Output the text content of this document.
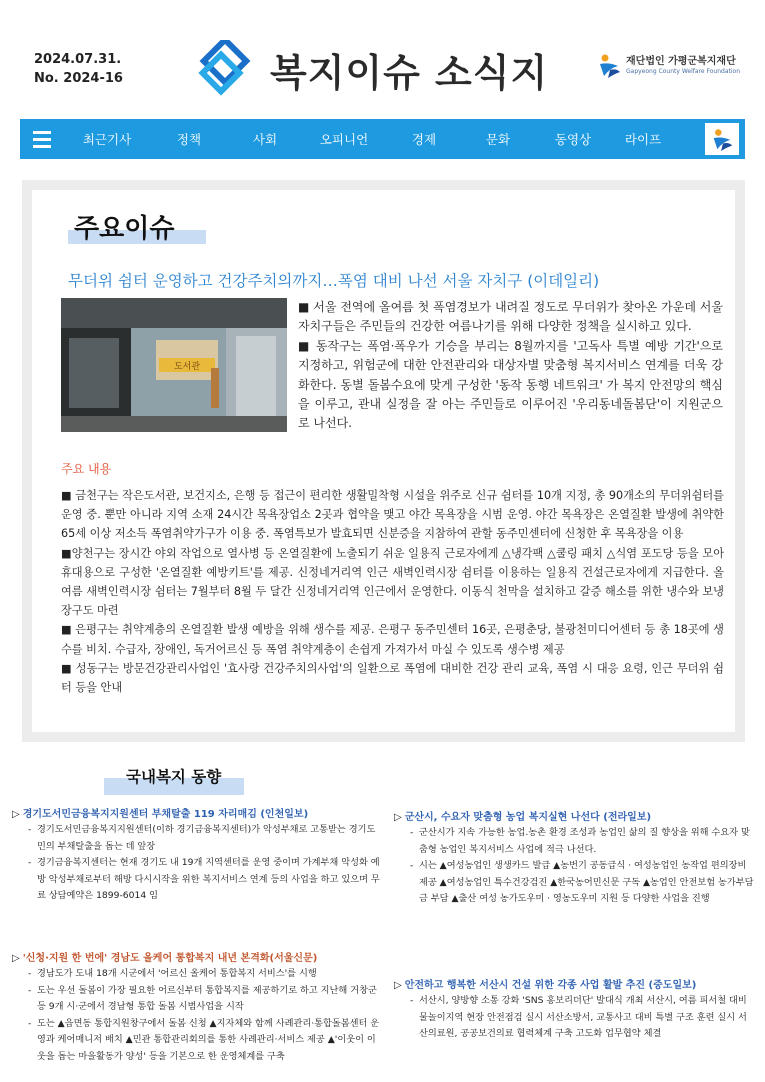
2024.07.31.
No. 2024-16	복지이슈 소식지	재단법인 가평군복지재단
Gapyeong County Welfare Foundation
최근기사	정책	사회	오피니언	경제	문화	동영상	라이프
주요이슈
무더위 쉼터 운영하고 건강주치의까지…폭염 대비 나선 서울 자치구 (이데일리)
도서관

■ 서울 전역에 올여름 첫 폭염경보가 내려질 정도로 무더위가 찾아온 가운데 서울 자치구들은 주민들의 건강한 여름나기를 위해 다양한 정책을 실시하고 있다.

■ 동작구는 폭염·폭우가 기승을 부리는 8월까지를 '고독사 특별 예방 기간'으로 지정하고, 위험군에 대한 안전관리와 대상자별 맞춤형 복지서비스 연계를 더욱 강화한다. 동별 돌봄수요에 맞게 구성한 '동작 동행 네트워크' 가 복지 안전망의 핵심을 이루고, 관내 실정을 잘 아는 주민들로 이루어진 '우리동네돌봄단'이 지원군으로 나선다.

주요 내용

■ 금천구는 작은도서관, 보건지소, 은행 등 접근이 편리한 생활밀착형 시설을 위주로 신규 쉼터를 10개 지정, 총 90개소의 무더위쉼터를 운영 중. 뿐만 아니라 지역 소재 24시간 목욕장업소 2곳과 협약을 맺고 야간 목욕장을 시범 운영. 야간 목욕장은 온열질환 발생에 취약한 65세 이상 저소득 폭염취약가구가 이용 중. 폭염특보가 발효되면 신분증을 지참하여 관할 동주민센터에 신청한 후 목욕장을 이용

■양천구는 장시간 야외 작업으로 열사병 등 온열질환에 노출되기 쉬운 일용직 근로자에게 △냉각팩 △쿨링 패치 △식염 포도당 등을 모아 휴대용으로 구성한 '온열질환 예방키트'를 제공. 신정네거리역 인근 새벽인력시장 쉼터를 이용하는 일용직 건설근로자에게 지급한다. 올여름 새벽인력시장 쉼터는 7월부터 8월 두 달간 신정네거리역 인근에서 운영한다. 이동식 천막을 설치하고 갈증 해소를 위한 냉수와 보냉장구도 마련

■ 은평구는 취약계층의 온열질환 발생 예방을 위해 생수를 제공. 은평구 동주민센터 16곳, 은평춘당, 불광천미디어센터 등 총 18곳에 생수를 비치. 수급자, 장애인, 독거어르신 등 폭염 취약계층이 손쉽게 가져가서 마실 수 있도록 생수병 제공

■ 성동구는 방문건강관리사업인 '효사랑 건강주치의사업'의 일환으로 폭염에 대비한 건강 관리 교육, 폭염 시 대응 요령, 인근 무더위 쉼터 등을 안내

국내복지 동향
▷ 경기도서민금융복지지원센터 부채탈출 119 자리매김 (인천일보)
- 경기도서민금융복지지원센터(이하 경기금융복지센터)가 악성부채로 고통받는 경기도민의 부채탈출을 돕는 데 앞장
- 경기금융복지센터는 현재 경기도 내 19개 지역센터를 운영 중이며 가계부채 악성화 예방 악성부채로부터 해방 다시시작을 위한 복지서비스 연계 등의 사업을 하고 있으며 무료 상담예약은 1899-6014 임
▷ '신청·지원 한 번에' 경남도 올케어 통합복지 내년 본격화(서울신문)
- 경남도가 도내 18개 시군에서 '어르신 올케어 통합복지 서비스'를 시행
- 도는 우선 돌봄이 가장 필요한 어르신부터 통합복지를 제공하기로 하고 지난해 거창군 등 9개 시·군에서 경남형 통합 돌봄 시범사업을 시작
- 도는 ▲읍면동 통합지원창구에서 돌봄 신청 ▲지자체와 함께 사례관리·통합돌봄센터 운영과 케어매니저 배치 ▲민관 통합관리회의를 통한 사례관리·서비스 제공 ▲'이웃이 이웃을 돕는 마을활동가 양성' 등을 기본으로 한 운영체계를 구축
▷ 군산시, 수요자 맞춤형 농업 복지실현 나선다 (전라일보)
- 군산시가 지속 가능한 농업.농촌 환경 조성과 농업인 삶의 질 향상을 위해 수요자 맞춤형 농업인 복지서비스 사업에 적극 나선다.
- 시는 ▲여성농업인 생생카드 발급 ▲농번기 공동급식 · 여성농업인 농작업 편의장비 제공 ▲여성농업인 특수건강검진 ▲한국농어민신문 구독 ▲농업인 안전보험 농가부담금 부담 ▲출산 여성 농가도우미 · 영농도우미 지원 등 다양한 사업을 진행
▷ 안전하고 행복한 서산시 건설 위한 각종 사업 활발 추진 (중도일보)
- 서산시, 양방향 소통 강화 'SNS 홍보리더단' 발대식 개최 서산시, 여름 피서철 대비 물놀이지역 현장 안전점검 실시 서산소방서, 교통사고 대비 특별 구조 훈련 실시 서산의료원, 공공보건의료 협력체계 구축 고도화 업무협약 체결
